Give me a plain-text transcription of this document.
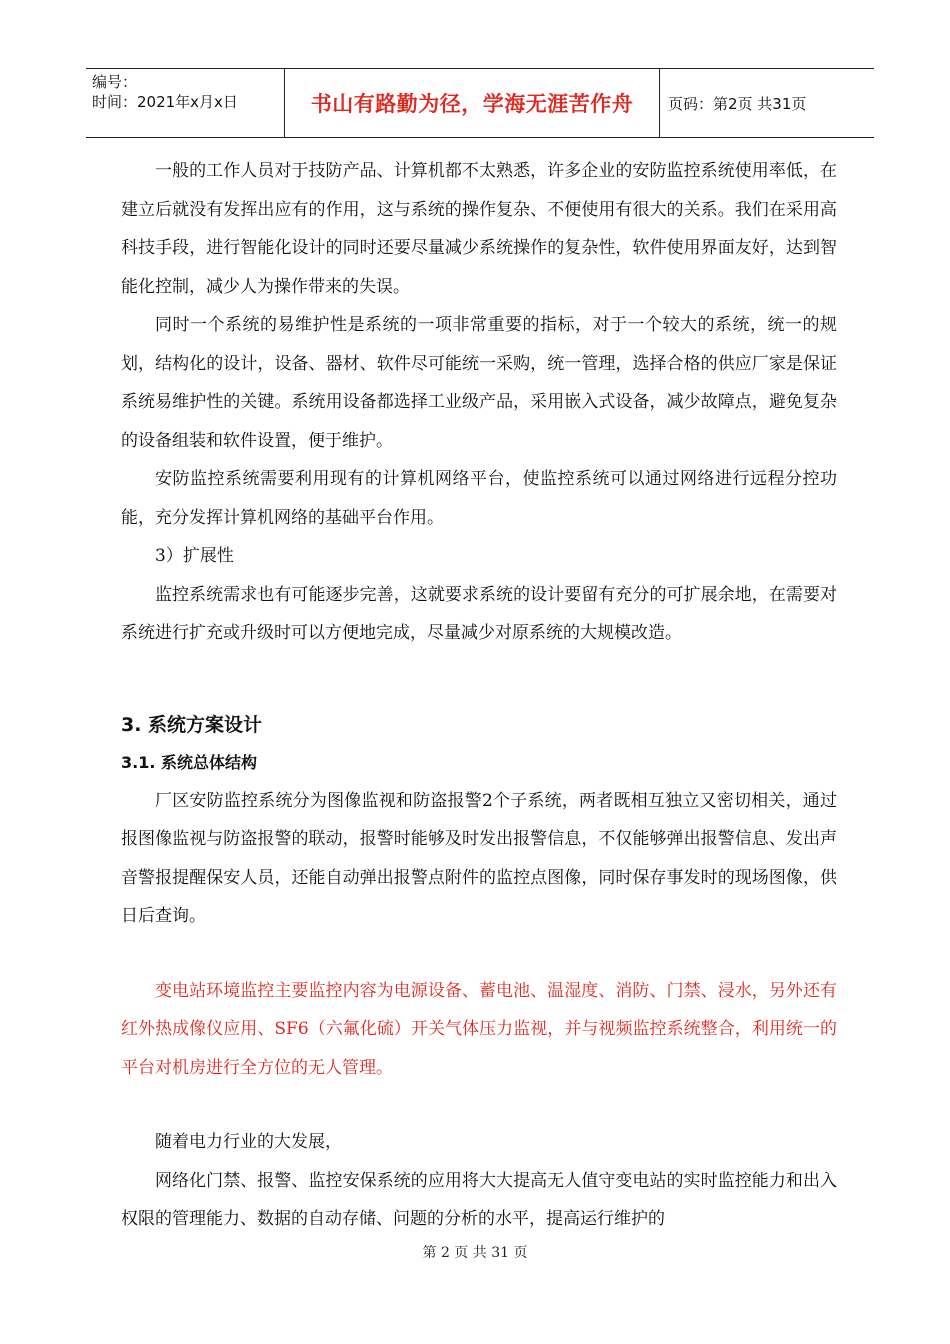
编号：
时间：2021年x月x日	书山有路勤为径，学海无涯苦作舟	页码：第2页 共31页

一般的工作人员对于技防产品、计算机都不太熟悉，许多企业的安防监控系统使用率低，在建立后就没有发挥出应有的作用，这与系统的操作复杂、不便使用有很大的关系。我们在采用高科技手段，进行智能化设计的同时还要尽量减少系统操作的复杂性，软件使用界面友好，达到智能化控制，减少人为操作带来的失误。

同时一个系统的易维护性是系统的一项非常重要的指标，对于一个较大的系统，统一的规划，结构化的设计，设备、器材、软件尽可能统一采购，统一管理，选择合格的供应厂家是保证系统易维护性的关键。系统用设备都选择工业级产品，采用嵌入式设备，减少故障点，避免复杂的设备组装和软件设置，便于维护。

安防监控系统需要利用现有的计算机网络平台，使监控系统可以通过网络进行远程分控功能，充分发挥计算机网络的基础平台作用。

3）扩展性

监控系统需求也有可能逐步完善，这就要求系统的设计要留有充分的可扩展余地，在需要对系统进行扩充或升级时可以方便地完成，尽量减少对原系统的大规模改造。

3. 系统方案设计
3.1. 系统总体结构

厂区安防监控系统分为图像监视和防盗报警2个子系统，两者既相互独立又密切相关，通过报图像监视与防盗报警的联动，报警时能够及时发出报警信息，不仅能够弹出报警信息、发出声音警报提醒保安人员，还能自动弹出报警点附件的监控点图像，同时保存事发时的现场图像，供日后查询。

变电站环境监控主要监控内容为电源设备、蓄电池、温湿度、消防、门禁、浸水，另外还有红外热成像仪应用、SF6（六氟化硫）开关气体压力监视，并与视频监控系统整合，利用统一的平台对机房进行全方位的无人管理。

随着电力行业的大发展，

网络化门禁、报警、监控安保系统的应用将大大提高无人值守变电站的实时监控能力和出入权限的管理能力、数据的自动存储、问题的分析的水平，提高运行维护的

第 2 页 共 31 页
